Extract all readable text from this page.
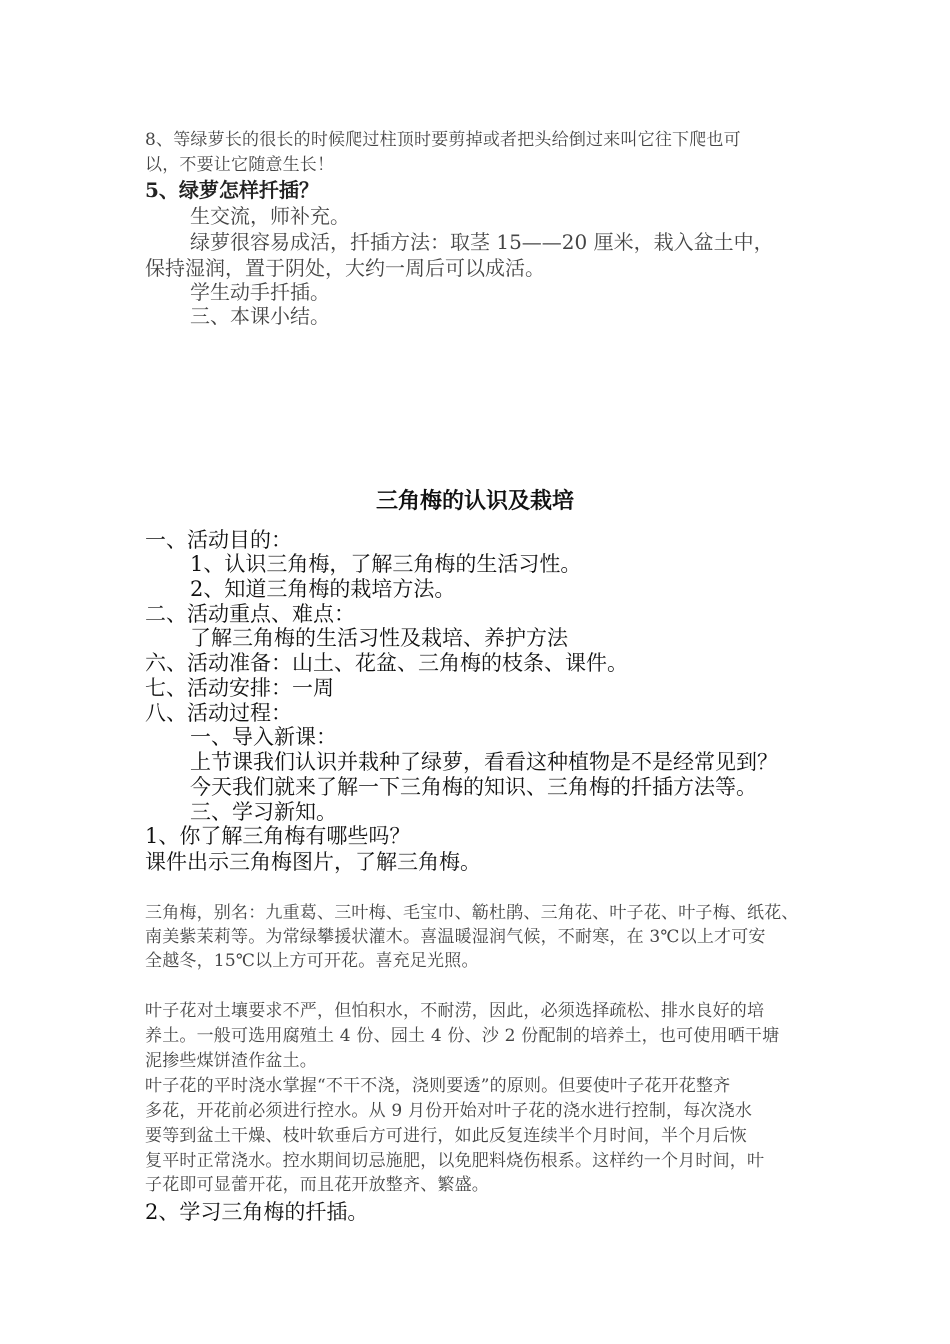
8、等绿萝长的很长的时候爬过柱顶时要剪掉或者把头给倒过来叫它往下爬也可

以，不要让它随意生长！

5、绿萝怎样扦插？

生交流，师补充。

绿萝很容易成活，扦插方法：取茎 15——20 厘米，栽入盆土中，

保持湿润，置于阴处，大约一周后可以成活。

学生动手扦插。

三、本课小结。

三角梅的认识及栽培

一、活动目的：

1、认识三角梅，了解三角梅的生活习性。

2、知道三角梅的栽培方法。

二、活动重点、难点：

了解三角梅的生活习性及栽培、养护方法

六、活动准备：山土、花盆、三角梅的枝条、课件。

七、活动安排：一周

八、活动过程：

一、导入新课：

上节课我们认识并栽种了绿萝，看看这种植物是不是经常见到？

今天我们就来了解一下三角梅的知识、三角梅的扦插方法等。

三、学习新知。

1、你了解三角梅有哪些吗？

课件出示三角梅图片，了解三角梅。

三角梅，别名：九重葛、三叶梅、毛宝巾、簕杜鹃、三角花、叶子花、叶子梅、纸花、

南美紫茉莉等。为常绿攀援状灌木。喜温暖湿润气候，不耐寒，在 3℃以上才可安

全越冬，15℃以上方可开花。喜充足光照。

叶子花对土壤要求不严，但怕积水，不耐涝，因此，必须选择疏松、排水良好的培

养土。一般可选用腐殖土 4 份、园土 4 份、沙 2 份配制的培养土，也可使用晒干塘

泥掺些煤饼渣作盆土。

叶子花的平时浇水掌握“不干不浇，浇则要透”的原则。但要使叶子花开花整齐

多花，开花前必须进行控水。从 9 月份开始对叶子花的浇水进行控制，每次浇水

要等到盆土干燥、枝叶软垂后方可进行，如此反复连续半个月时间，半个月后恢

复平时正常浇水。控水期间切忌施肥，以免肥料烧伤根系。这样约一个月时间，叶

子花即可显蕾开花，而且花开放整齐、繁盛。

2、学习三角梅的扦插。
